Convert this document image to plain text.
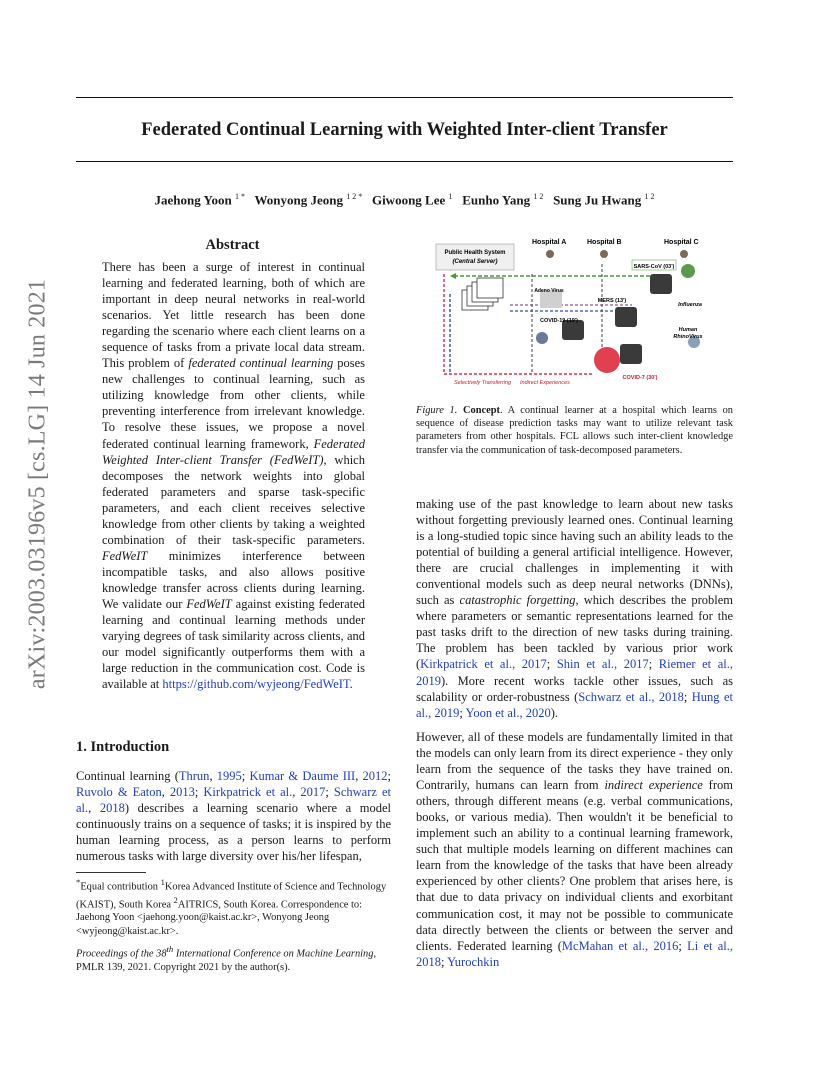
Federated Continual Learning with Weighted Inter-client Transfer
Jaehong Yoon $^{1 *}$ Wonyong Jeong $^{1 2 *}$ Giwoong Lee $^1$ Eunho Yang $^{1 2}$ Sung Ju Hwang $^{1 2}$
arXiv:2003.03196v5 [cs.LG] 14 Jun 2021
Abstract
There has been a surge of interest in continual learning and federated learning, both of which are important in deep neural networks in real-world scenarios. Yet little research has been done regarding the scenario where each client learns on a sequence of tasks from a private local data stream. This problem of federated continual learning poses new challenges to continual learning, such as utilizing knowledge from other clients, while preventing interference from irrelevant knowledge. To resolve these issues, we propose a novel federated continual learning framework, Federated Weighted Inter-client Transfer (FedWeIT), which decomposes the network weights into global federated parameters and sparse task-specific parameters, and each client receives selective knowledge from other clients by taking a weighted combination of their task-specific parameters. FedWeIT minimizes interference between incompatible tasks, and also allows positive knowledge transfer across clients during learning. We validate our FedWeIT against existing federated learning and continual learning methods under varying degrees of task similarity across clients, and our model significantly outperforms them with a large reduction in the communication cost. Code is available at https://github.com/wyjeong/FedWeIT.
1. Introduction
Continual learning (Thrun, 1995; Kumar & Daume III, 2012; Ruvolo & Eaton, 2013; Kirkpatrick et al., 2017; Schwarz et al., 2018) describes a learning scenario where a model continuously trains on a sequence of tasks; it is inspired by the human learning process, as a person learns to perform numerous tasks with large diversity over his/her lifespan,
*Equal contribution $^1$Korea Advanced Institute of Science and Technology (KAIST), South Korea $^2$AITRICS, South Korea. Correspondence to: Jaehong Yoon <jaehong.yoon@kaist.ac.kr>, Wonyong Jeong <wyjeong@kaist.ac.kr>.
Proceedings of the 38th International Conference on Machine Learning, PMLR 139, 2021. Copyright 2021 by the author(s).
Public Health System
(Central Server)
Hospital A	Hospital B	Hospital C
SARS-CoV (03')
Adeno Virus
MERS (13')
Influenza
COVID-19 (19')
Human
RhinoVirus
COVID-7 (30')
Selectively Transferring Indirect Experiences
Figure 1. Concept. A continual learner at a hospital which learns on sequence of disease prediction tasks may want to utilize relevant task parameters from other hospitals. FCL allows such inter-client knowledge transfer via the communication of task-decomposed parameters.
making use of the past knowledge to learn about new tasks without forgetting previously learned ones. Continual learning is a long-studied topic since having such an ability leads to the potential of building a general artificial intelligence. However, there are crucial challenges in implementing it with conventional models such as deep neural networks (DNNs), such as catastrophic forgetting, which describes the problem where parameters or semantic representations learned for the past tasks drift to the direction of new tasks during training. The problem has been tackled by various prior work (Kirkpatrick et al., 2017; Shin et al., 2017; Riemer et al., 2019). More recent works tackle other issues, such as scalability or order-robustness (Schwarz et al., 2018; Hung et al., 2019; Yoon et al., 2020).
However, all of these models are fundamentally limited in that the models can only learn from its direct experience - they only learn from the sequence of the tasks they have trained on. Contrarily, humans can learn from indirect experience from others, through different means (e.g. verbal communications, books, or various media). Then wouldn't it be beneficial to implement such an ability to a continual learning framework, such that multiple models learning on different machines can learn from the knowledge of the tasks that have been already experienced by other clients? One problem that arises here, is that due to data privacy on individual clients and exorbitant communication cost, it may not be possible to communicate data directly between the clients or between the server and clients. Federated learning (McMahan et al., 2016; Li et al., 2018; Yurochkin
